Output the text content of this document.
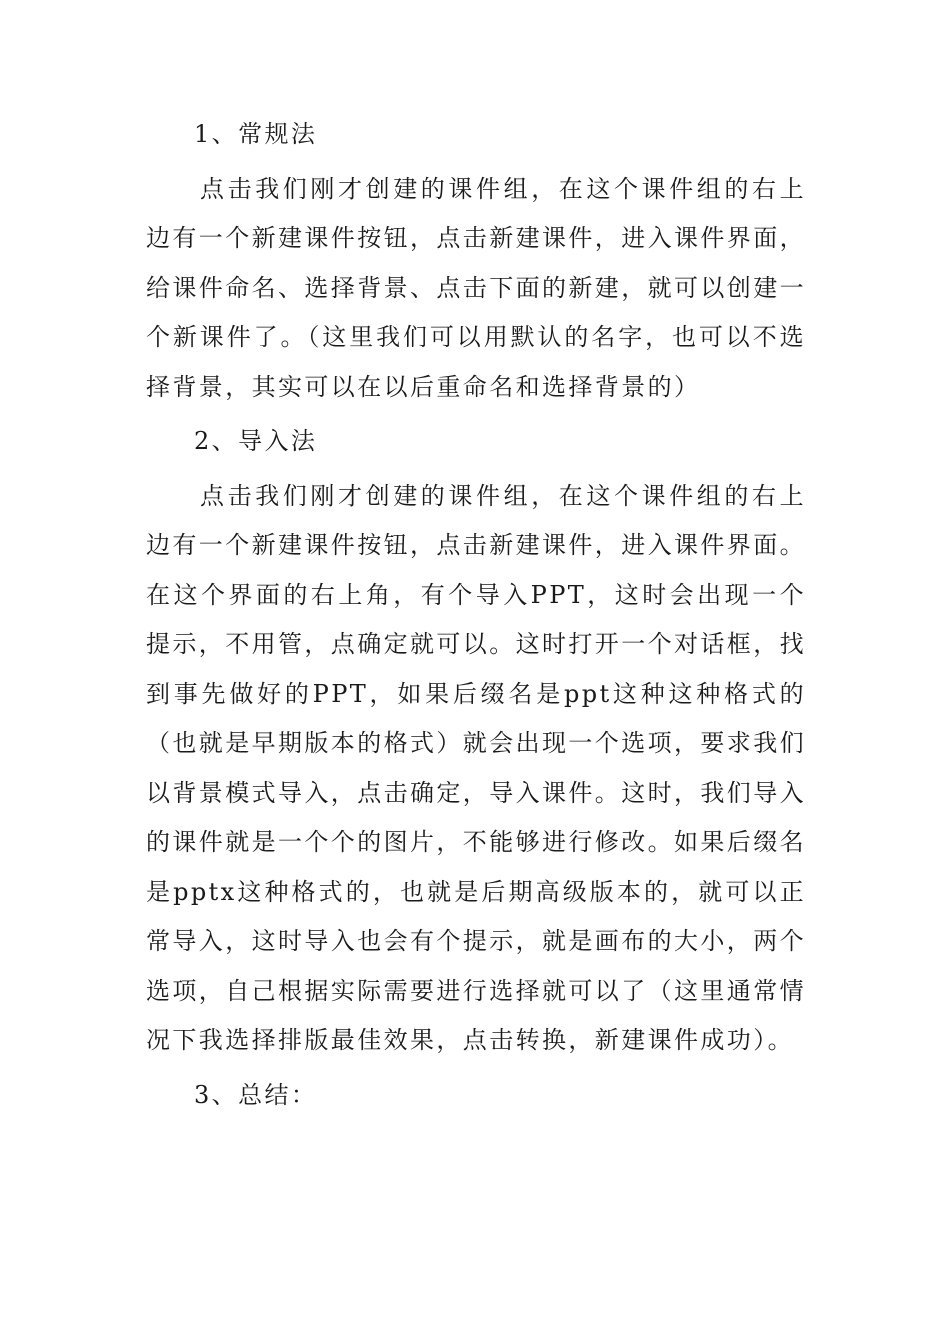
1、常规法

点击我们刚才创建的课件组，在这个课件组的右上边有一个新建课件按钮，点击新建课件，进入课件界面，给课件命名、选择背景、点击下面的新建，就可以创建一个新课件了。（这里我们可以用默认的名字，也可以不选择背景，其实可以在以后重命名和选择背景的）

2、导入法

点击我们刚才创建的课件组，在这个课件组的右上边有一个新建课件按钮，点击新建课件，进入课件界面。在这个界面的右上角，有个导入PPT，这时会出现一个提示，不用管，点确定就可以。这时打开一个对话框，找到事先做好的PPT，如果后缀名是ppt这种这种格式的（也就是早期版本的格式）就会出现一个选项，要求我们以背景模式导入，点击确定，导入课件。这时，我们导入的课件就是一个个的图片，不能够进行修改。如果后缀名是pptx这种格式的，也就是后期高级版本的，就可以正常导入，这时导入也会有个提示，就是画布的大小，两个选项，自己根据实际需要进行选择就可以了（这里通常情况下我选择排版最佳效果，点击转换，新建课件成功）。

3、总结：
